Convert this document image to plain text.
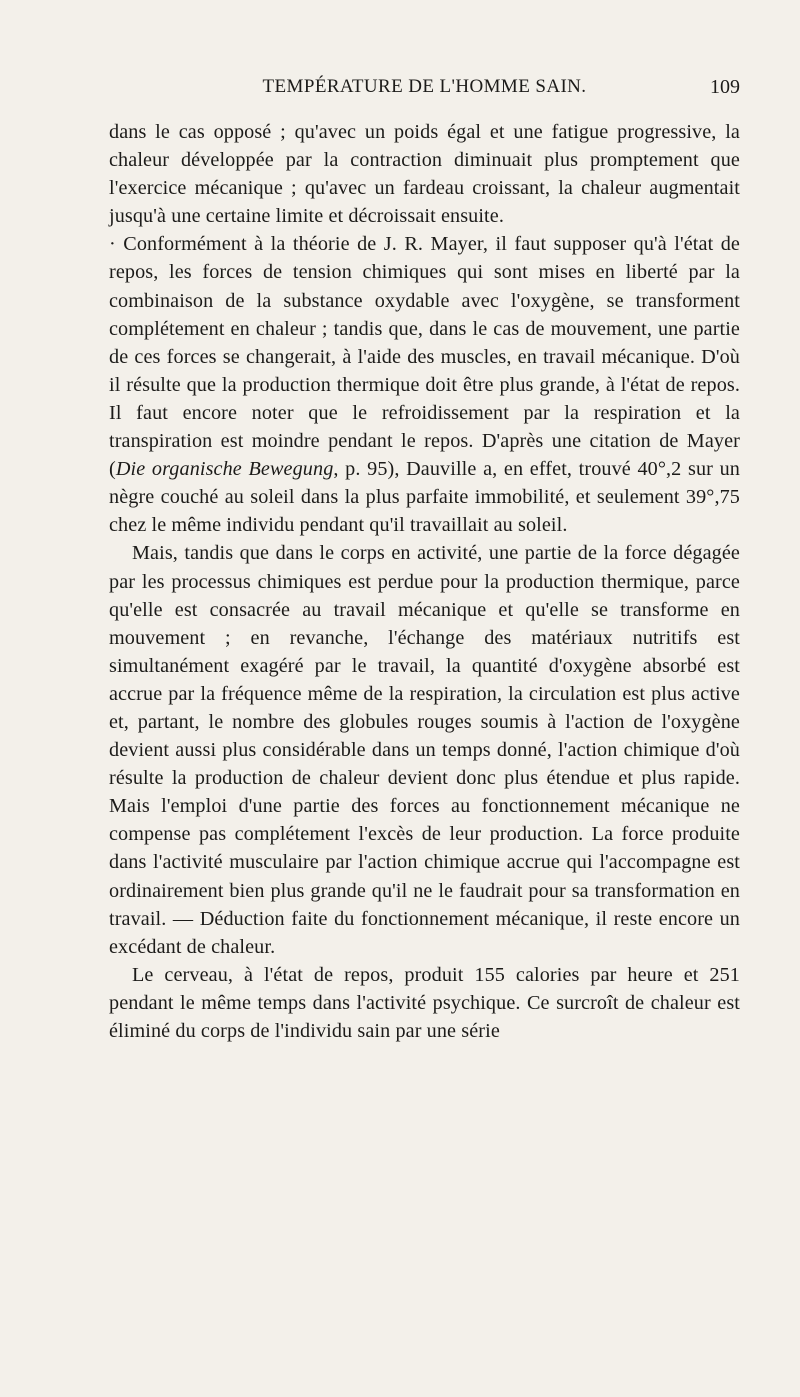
TEMPÉRATURE DE L'HOMME SAIN.	109

dans le cas opposé ; qu'avec un poids égal et une fatigue progressive, la chaleur développée par la contraction diminuait plus promptement que l'exercice mécanique ; qu'avec un fardeau croissant, la chaleur augmentait jusqu'à une certaine limite et décroissait ensuite.

· Conformément à la théorie de J. R. Mayer, il faut supposer qu'à l'état de repos, les forces de tension chimiques qui sont mises en liberté par la combinaison de la substance oxydable avec l'oxygène, se transforment complétement en chaleur ; tandis que, dans le cas de mouvement, une partie de ces forces se changerait, à l'aide des muscles, en travail mécanique. D'où il résulte que la production thermique doit être plus grande, à l'état de repos. Il faut encore noter que le refroidissement par la respiration et la transpiration est moindre pendant le repos. D'après une citation de Mayer (Die organische Bewegung, p. 95), Dauville a, en effet, trouvé 40°,2 sur un nègre couché au soleil dans la plus parfaite immobilité, et seulement 39°,75 chez le même individu pendant qu'il travaillait au soleil.

Mais, tandis que dans le corps en activité, une partie de la force dégagée par les processus chimiques est perdue pour la production thermique, parce qu'elle est consacrée au travail mécanique et qu'elle se transforme en mouvement ; en revanche, l'échange des matériaux nutritifs est simultanément exagéré par le travail, la quantité d'oxygène absorbé est accrue par la fréquence même de la respiration, la circulation est plus active et, partant, le nombre des globules rouges soumis à l'action de l'oxygène devient aussi plus considérable dans un temps donné, l'action chimique d'où résulte la production de chaleur devient donc plus étendue et plus rapide. Mais l'emploi d'une partie des forces au fonctionnement mécanique ne compense pas complétement l'excès de leur production. La force produite dans l'activité musculaire par l'action chimique accrue qui l'accompagne est ordinairement bien plus grande qu'il ne le faudrait pour sa transformation en travail. — Déduction faite du fonctionnement mécanique, il reste encore un excédant de chaleur.

Le cerveau, à l'état de repos, produit 155 calories par heure et 251 pendant le même temps dans l'activité psychique. Ce surcroît de chaleur est éliminé du corps de l'individu sain par une série
